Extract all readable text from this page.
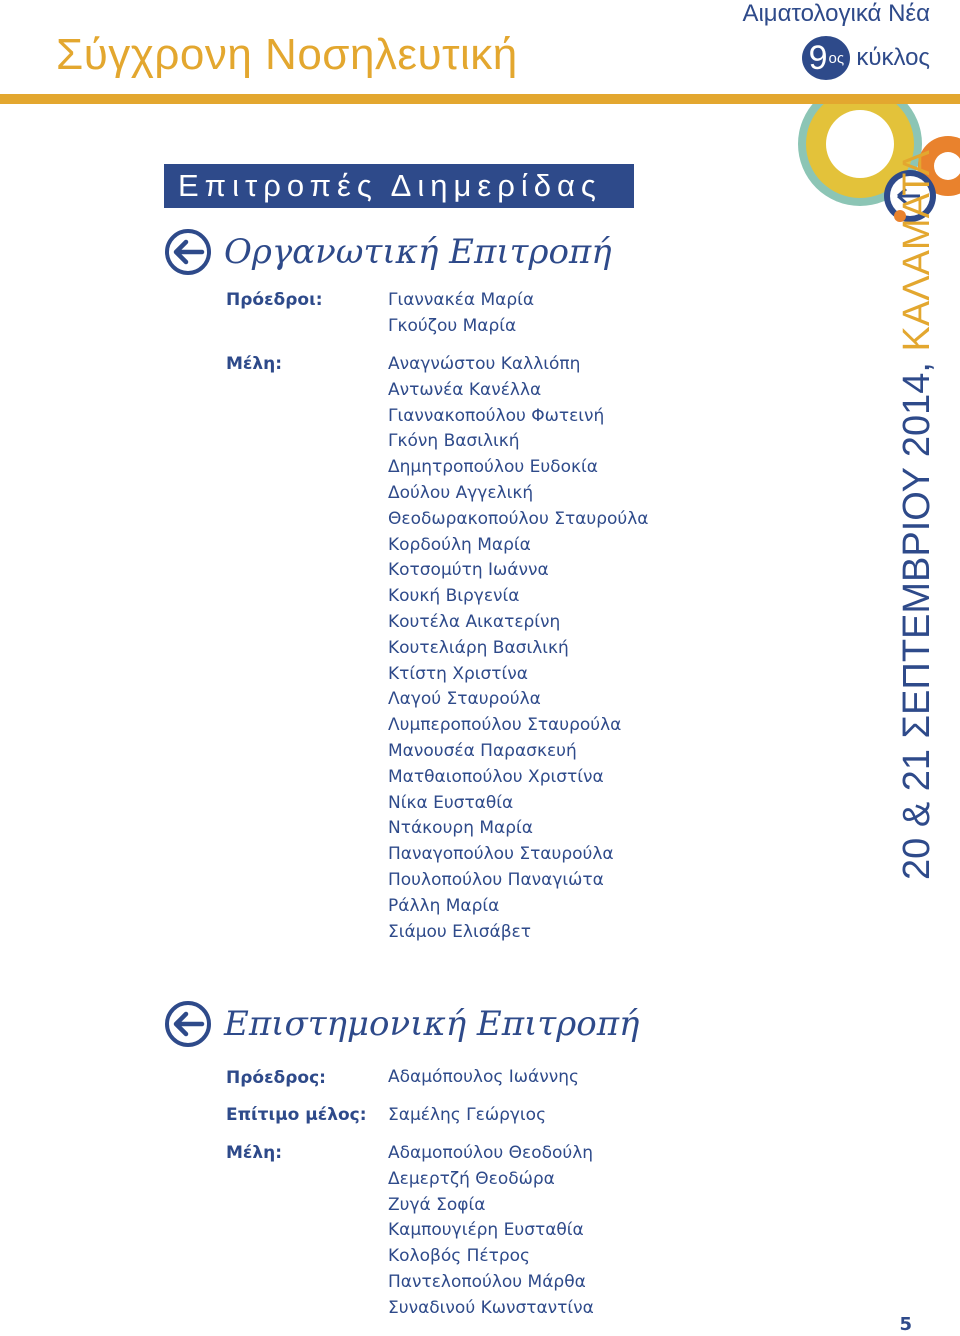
Σύγχρονη Νοσηλευτική
Αιματολογικά Νέα
9 ος κύκλος
Επιτροπές Διημερίδας
Οργανωτική Επιτροπή
Πρόεδροι:	Γιαννακέα Μαρία
Γκούζου Μαρία
Μέλη:	Αναγνώστου Καλλιόπη
Αντωνέα Κανέλλα
Γιαννακοπούλου Φωτεινή
Γκόνη Βασιλική
Δημητροπούλου Ευδοκία
Δούλου Αγγελική
Θεοδωρακοπούλου Σταυρούλα
Κορδούλη Μαρία
Κοτσομύτη Ιωάννα
Κουκή Βιργενία
Κουτέλα Αικατερίνη
Κουτελιάρη Βασιλική
Κτίστη Χριστίνα
Λαγού Σταυρούλα
Λυμπεροπούλου Σταυρούλα
Μανουσέα Παρασκευή
Ματθαιοπούλου Χριστίνα
Νίκα Ευσταθία
Ντάκουρη Μαρία
Παναγοπούλου Σταυρούλα
Πουλοπούλου Παναγιώτα
Ράλλη Μαρία
Σιάμου Ελισάβετ
Επιστημονική Επιτροπή
Πρόεδρος:	Αδαμόπουλος Ιωάννης
Επίτιμο μέλος: Σαμέλης Γεώργιος
Μέλη:	Αδαμοπούλου Θεοδούλη
Δεμερτζή Θεοδώρα
Ζυγά Σοφία
Καμπουγιέρη Ευσταθία
Κολοβός Πέτρος
Παντελοπούλου Μάρθα
Συναδινού Κωνσταντίνα
20 & 21 ΣΕΠΤΕΜΒΡΙΟΥ 2014, ΚΑΛΑΜΑΤΑ
5
